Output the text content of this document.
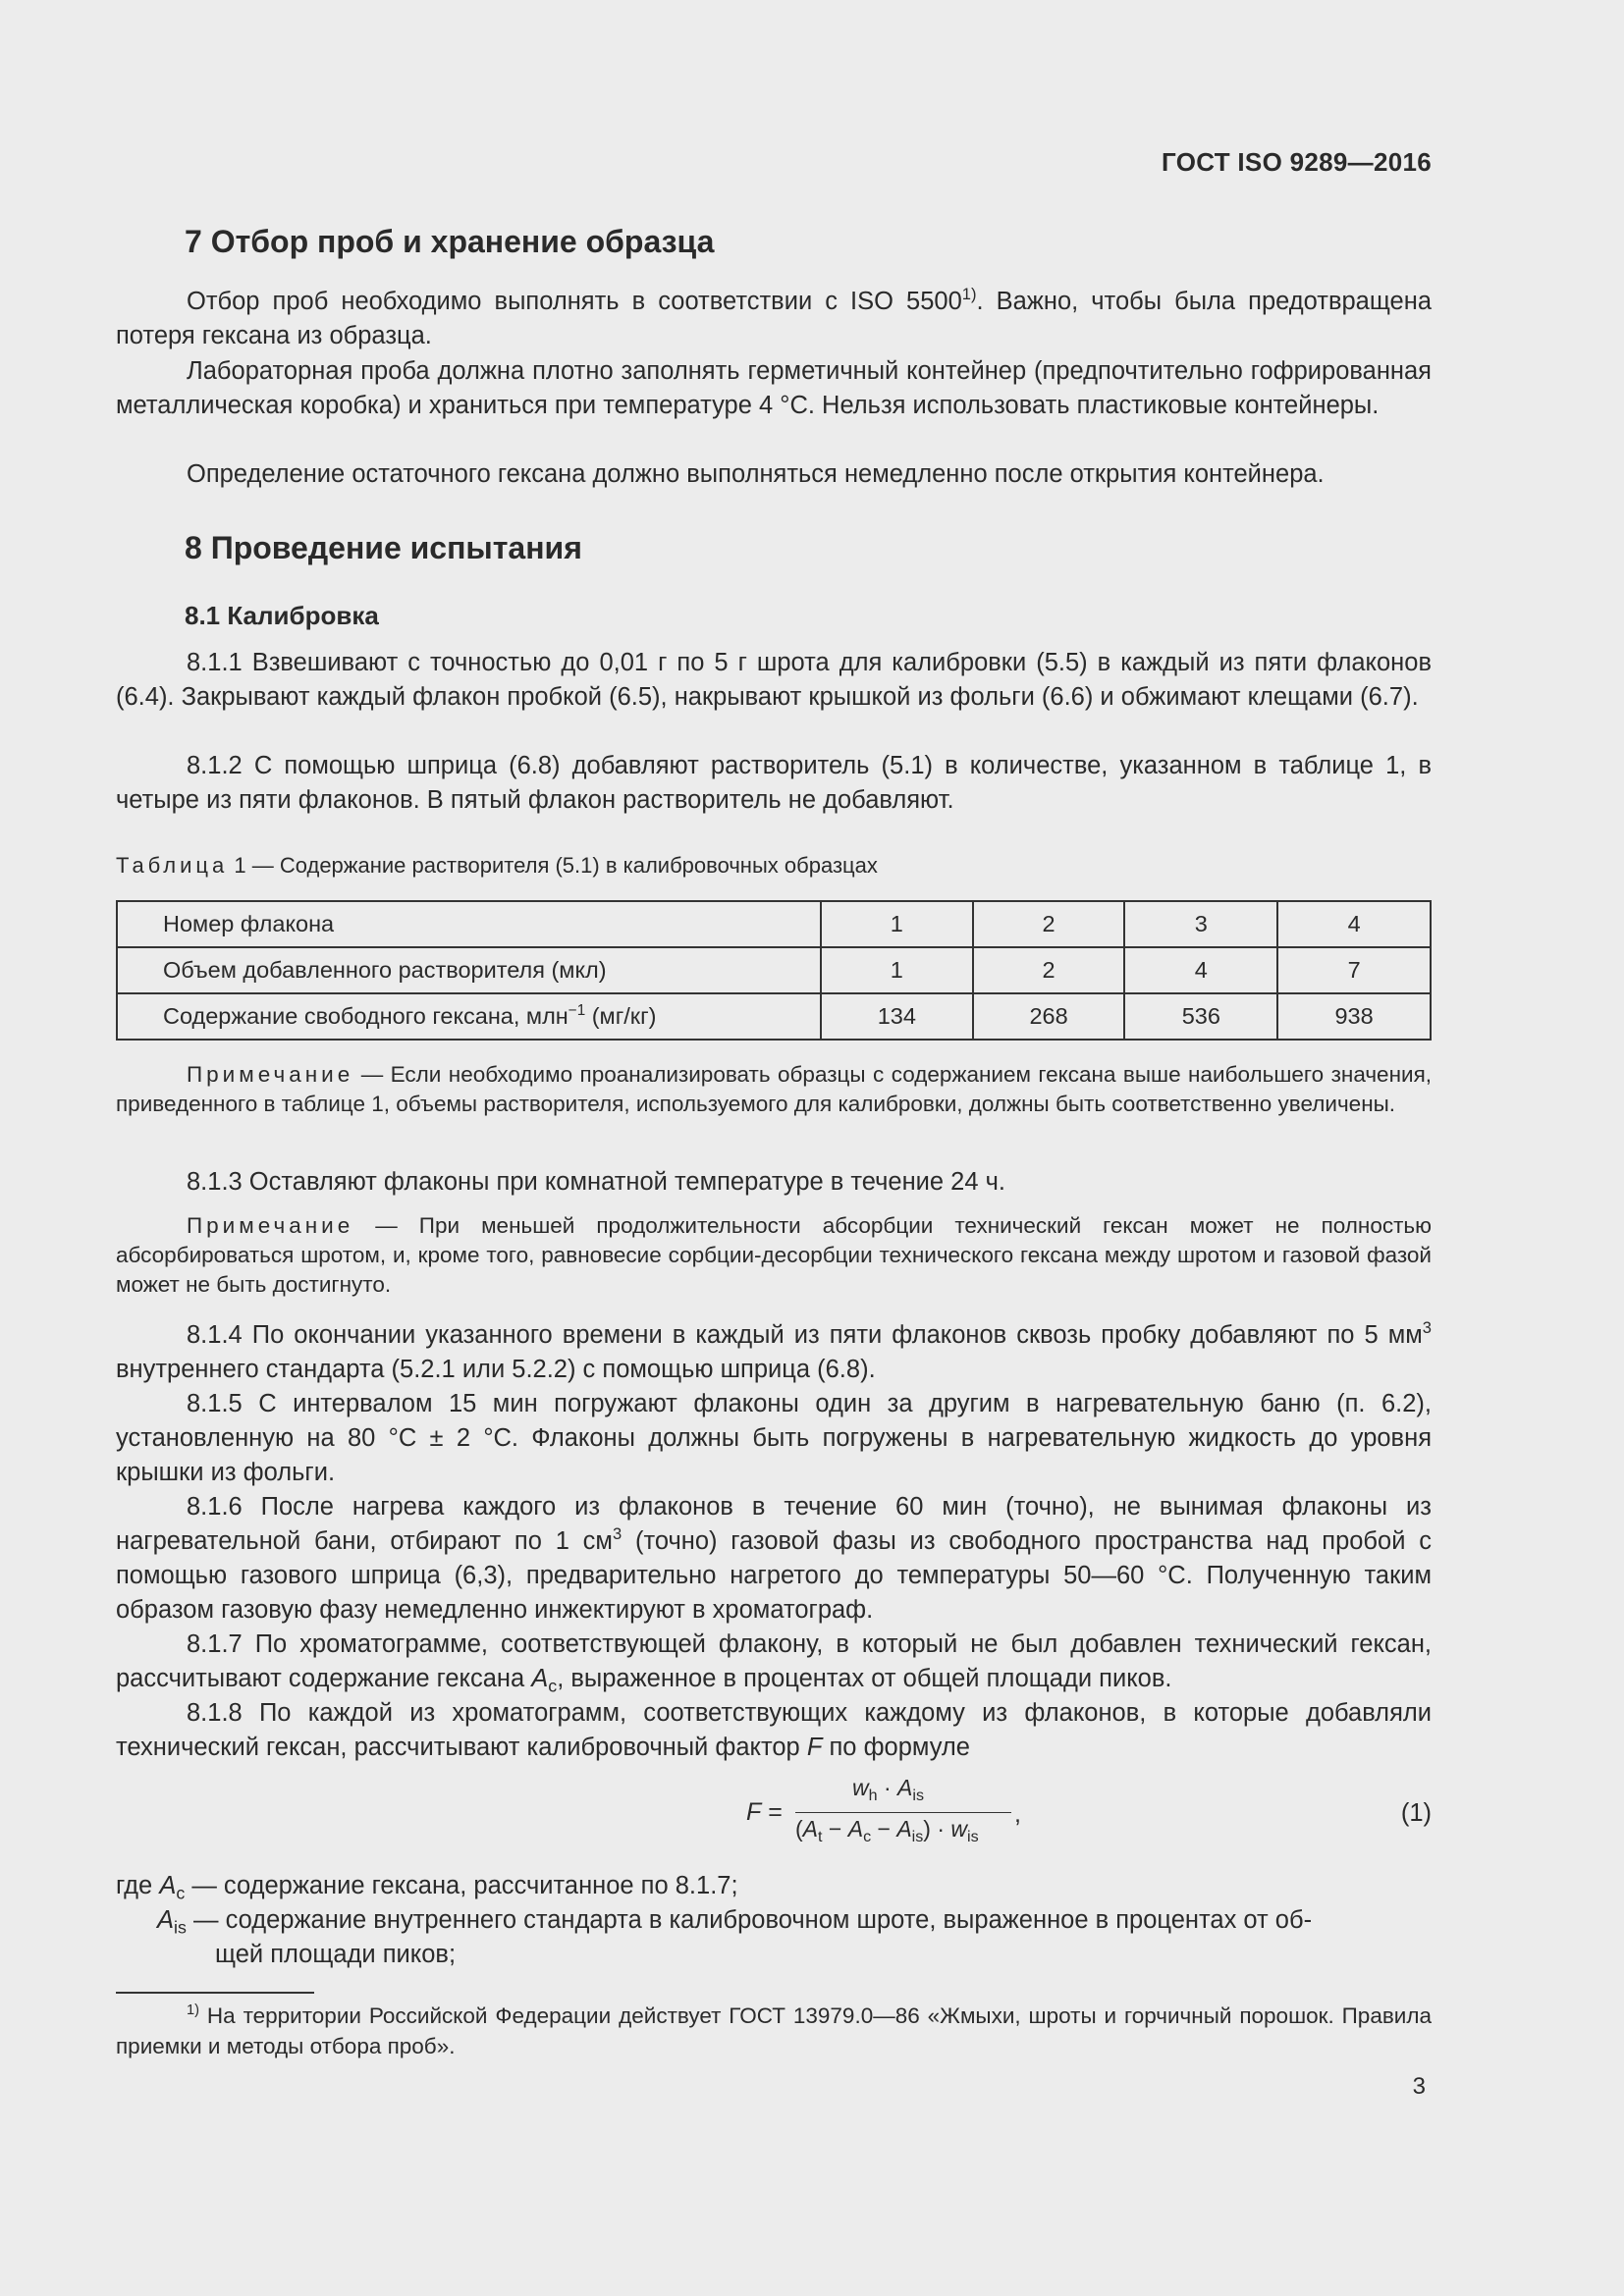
ГОСТ ISO 9289—2016
7 Отбор проб и хранение образца

Отбор проб необходимо выполнять в соответствии с ISO 5500$^{1)}$. Важно, чтобы была предотвращена потеря гексана из образца.

Лабораторная проба должна плотно заполнять герметичный контейнер (предпочтительно гофрированная металлическая коробка) и храниться при температуре 4 °C. Нельзя использовать пластиковые контейнеры.

Определение остаточного гексана должно выполняться немедленно после открытия контейнера.

8 Проведение испытания
8.1 Калибровка

8.1.1 Взвешивают с точностью до 0,01 г по 5 г шрота для калибровки (5.5) в каждый из пяти флаконов (6.4). Закрывают каждый флакон пробкой (6.5), накрывают крышкой из фольги (6.6) и обжимают клещами (6.7).

8.1.2 С помощью шприца (6.8) добавляют растворитель (5.1) в количестве, указанном в таблице 1, в четыре из пяти флаконов. В пятый флакон растворитель не добавляют.

Таблица 1 — Содержание растворителя (5.1) в калибровочных образцах
Номер флакона	1	2	3	4
Объем добавленного растворителя (мкл)	1	2	4	7
Содержание свободного гексана, млн$^{-1}$ (мг/кг)	134	268	536	938

Примечание — Если необходимо проанализировать образцы с содержанием гексана выше наибольшего значения, приведенного в таблице 1, объемы растворителя, используемого для калибровки, должны быть соответственно увеличены.

8.1.3 Оставляют флаконы при комнатной температуре в течение 24 ч.

Примечание — При меньшей продолжительности абсорбции технический гексан может не полностью абсорбироваться шротом, и, кроме того, равновесие сорбции-десорбции технического гексана между шротом и газовой фазой может не быть достигнуто.

8.1.4 По окончании указанного времени в каждый из пяти флаконов сквозь пробку добавляют по 5 $мм^3$ внутреннего стандарта (5.2.1 или 5.2.2) с помощью шприца (6.8).

8.1.5 С интервалом 15 мин погружают флаконы один за другим в нагревательную баню (п. 6.2), установленную на 80 °C ± 2 °C. Флаконы должны быть погружены в нагревательную жидкость до уровня крышки из фольги.

8.1.6 После нагрева каждого из флаконов в течение 60 мин (точно), не вынимая флаконы из нагревательной бани, отбирают по 1 $см^3$ (точно) газовой фазы из свободного пространства над пробой с помощью газового шприца (6,3), предварительно нагретого до температуры 50—60 °C. Полученную таким образом газовую фазу немедленно инжектируют в хроматограф.

8.1.7 По хроматограмме, соответствующей флакону, в который не был добавлен технический гексан, рассчитывают содержание гексана $A_c$, выраженное в процентах от общей площади пиков.

8.1.8 По каждой из хроматограмм, соответствующих каждому из флаконов, в которые добавляли технический гексан, рассчитывают калибровочный фактор F по формуле

F =
$w_h \cdot A_{is}$
$(A_t - A_c - A_{is}) \cdot w_{is}$
,	(1)
где $A_c$ — содержание гексана, рассчитанное по 8.1.7;
$A_{is}$ — содержание внутреннего стандарта в калибровочном шроте, выраженное в процентах от об-
щей площади пиков;

$^{1)}$ На территории Российской Федерации действует ГОСТ 13979.0—86 «Жмыхи, шроты и горчичный порошок. Правила приемки и методы отбора проб».

3
